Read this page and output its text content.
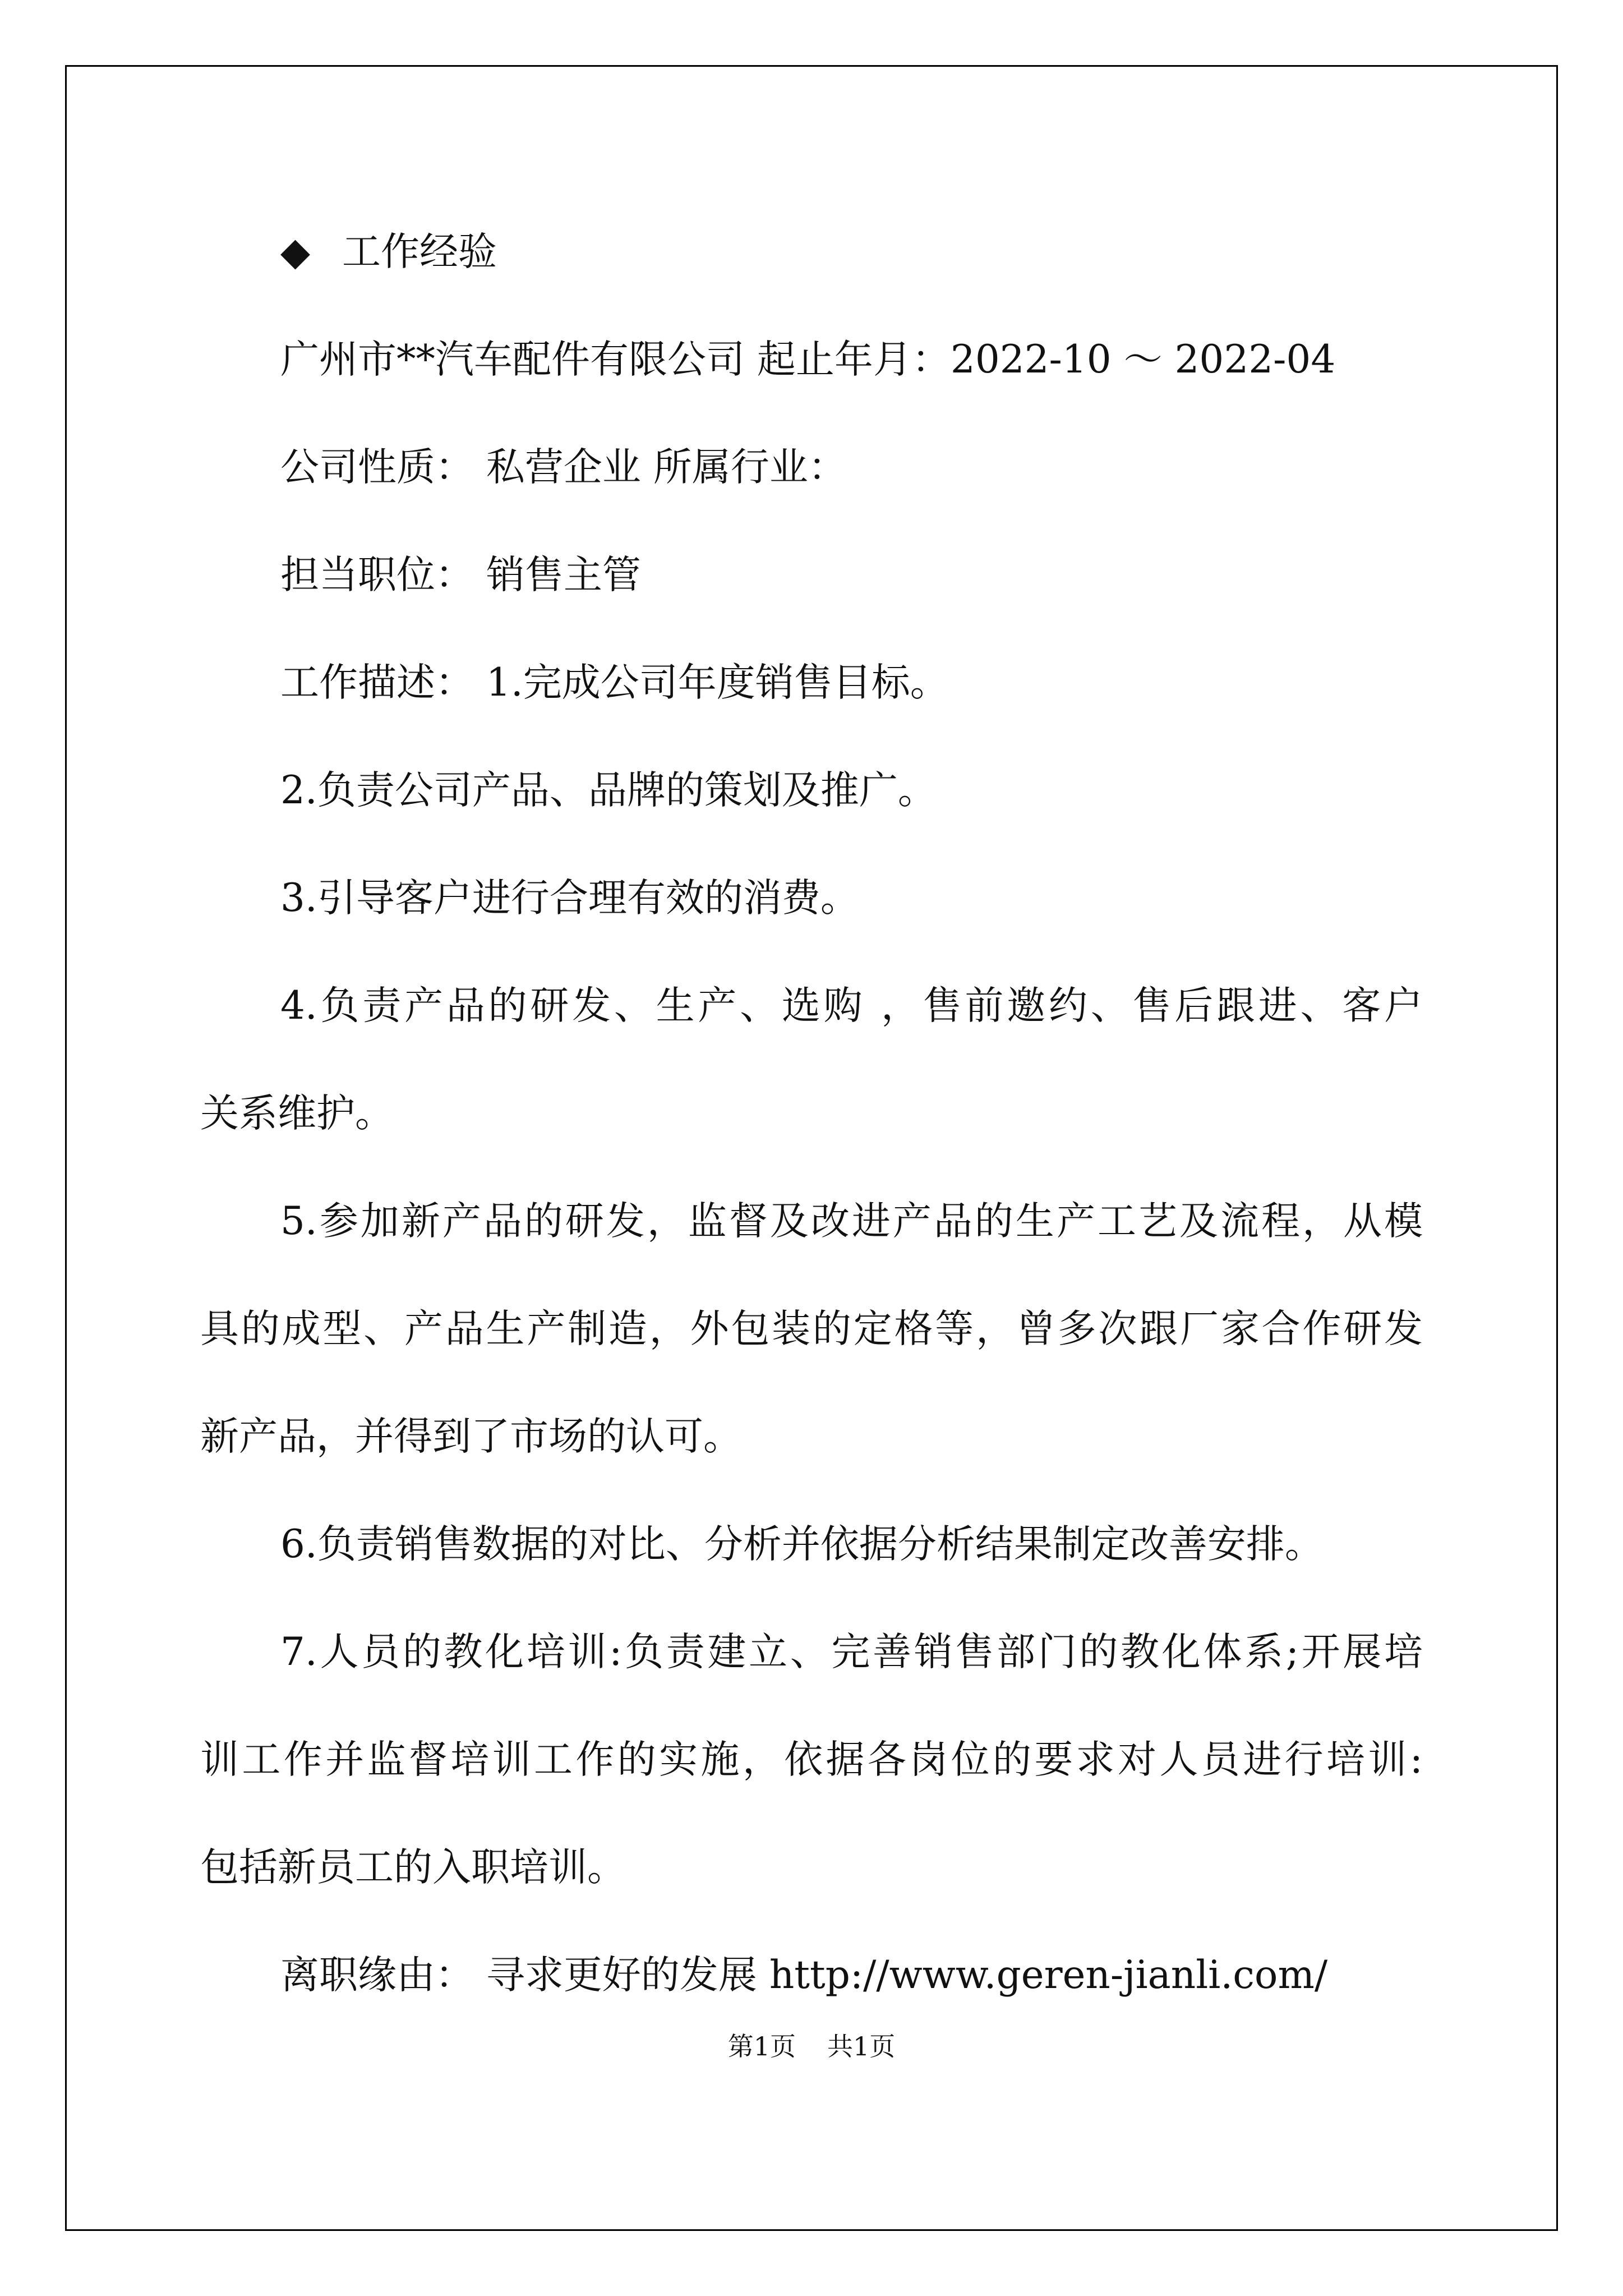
◆ 工作经验
广州市**汽车配件有限公司 起止年月：2022-10 ～ 2022-04
公司性质： 私营企业 所属行业：
担当职位： 销售主管
工作描述： 1.完成公司年度销售目标。
2.负责公司产品、品牌的策划及推广。
3.引导客户进行合理有效的消费。
4.负责产品的研发、生产、选购 ，售前邀约、售后跟进、客户
关系维护。
5.参加新产品的研发，监督及改进产品的生产工艺及流程，从模
具的成型、产品生产制造，外包装的定格等，曾多次跟厂家合作研发
新产品，并得到了市场的认可。
6.负责销售数据的对比、分析并依据分析结果制定改善安排。
7.人员的教化培训:负责建立、完善销售部门的教化体系;开展培
训工作并监督培训工作的实施，依据各岗位的要求对人员进行培训:
包括新员工的入职培训。
离职缘由： 寻求更好的发展 http://www.geren-jianli.com/
第1页 共1页
